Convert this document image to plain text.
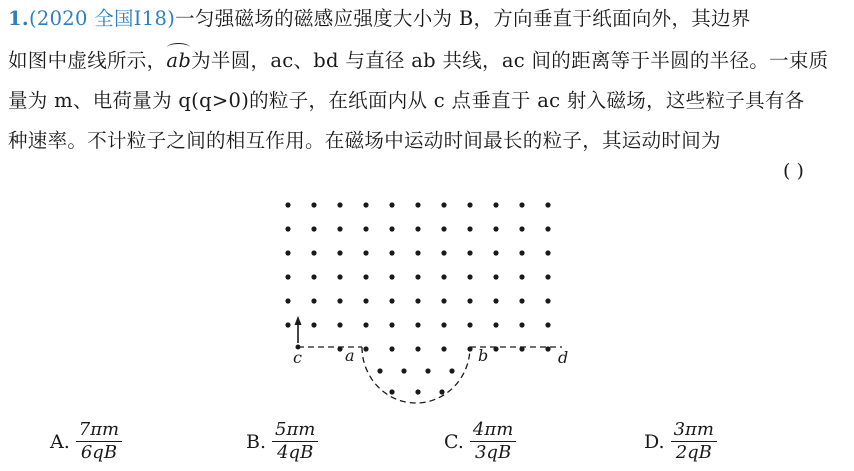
1.(2020 全国Ⅰ18)一匀强磁场的磁感应强度大小为 B，方向垂直于纸面向外，其边界
如图中虚线所示，ab为半圆，ac、bd 与直径 ab 共线，ac 间的距离等于半圆的半径。一束质
量为 m、电荷量为 q(q>0)的粒子，在纸面内从 c 点垂直于 ac 射入磁场，这些粒子具有各
种速率。不计粒子之间的相互作用。在磁场中运动时间最长的粒子，其运动时间为
( )
c	a	b	d
A. $\frac{7\pi m}{6qB}$	B. $\frac{5\pi m}{4qB}$	C. $\frac{4\pi m}{3qB}$	D. $\frac{3\pi m}{2qB}$
